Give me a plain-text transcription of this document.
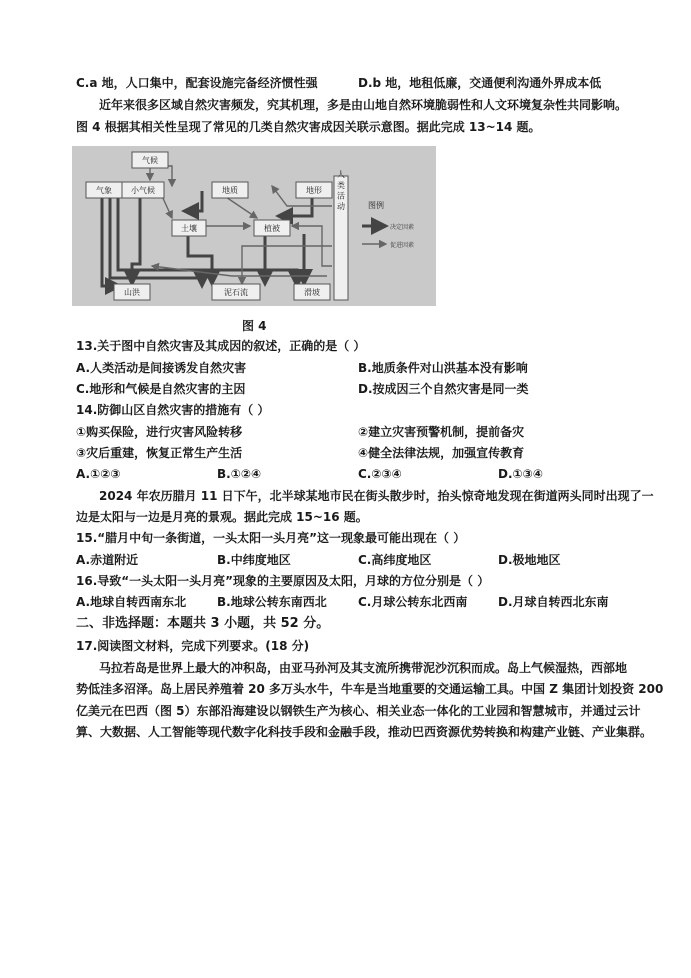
C.a 地，人口集中，配套设施完备经济惯性强	D.b 地，地租低廉，交通便利沟通外界成本低
近年来很多区域自然灾害频发，究其机理，多是由山地自然环境脆弱性和人文环境复杂性共同影响。
图 4 根据其相关性呈现了常见的几类自然灾害成因关联示意图。据此完成 13~14 题。
气候
气象 小气候	地质	地形
土壤	植被
山洪	泥石流	滑坡
人 类 活 动	图例
决定因素
促进因素
图 4
13.关于图中自然灾害及其成因的叙述，正确的是（ ）
A.人类活动是间接诱发自然灾害	B.地质条件对山洪基本没有影响
C.地形和气候是自然灾害的主因	D.按成因三个自然灾害是同一类
14.防御山区自然灾害的措施有（ ）
①购买保险，进行灾害风险转移	②建立灾害预警机制，提前备灾
③灾后重建，恢复正常生产生活	④健全法律法规，加强宣传教育
A.①②③	B.①②④	C.②③④	D.①③④
2024 年农历腊月 11 日下午，北半球某地市民在街头散步时，抬头惊奇地发现在街道两头同时出现了一
边是太阳与一边是月亮的景观。据此完成 15~16 题。
15.“腊月中旬一条街道，一头太阳一头月亮”这一现象最可能出现在（ ）
A.赤道附近	B.中纬度地区	C.高纬度地区	D.极地地区
16.导致“一头太阳一头月亮”现象的主要原因及太阳，月球的方位分别是（ ）
A.地球自转西南东北	B.地球公转东南西北	C.月球公转东北西南	D.月球自转西北东南
二、非选择题：本题共 3 小题，共 52 分。
17.阅读图文材料，完成下列要求。(18 分)
马拉若岛是世界上最大的冲积岛，由亚马孙河及其支流所携带泥沙沉积而成。岛上气候湿热，西部地
势低洼多沼泽。岛上居民养殖着 20 多万头水牛，牛车是当地重要的交通运输工具。中国 Z 集团计划投资 200
亿美元在巴西（图 5）东部沿海建设以钢铁生产为核心、相关业态一体化的工业园和智慧城市，并通过云计
算、大数据、人工智能等现代数字化科技手段和金融手段，推动巴西资源优势转换和构建产业链、产业集群。
